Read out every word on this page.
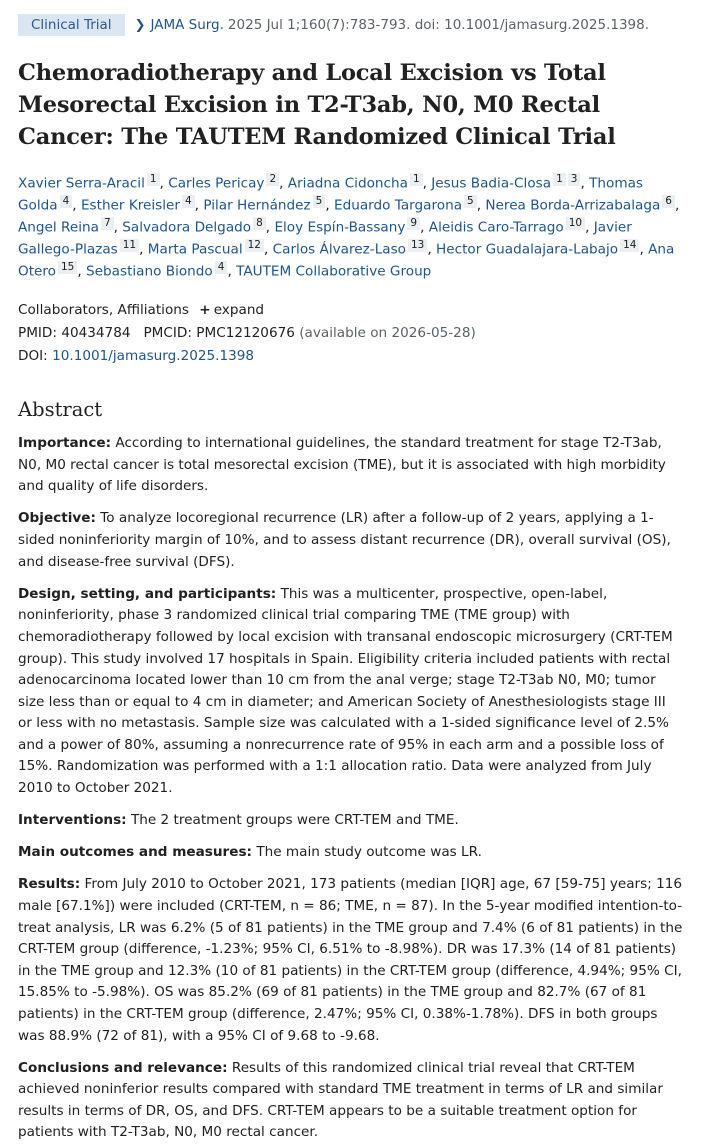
Clinical Trial	❯ JAMA Surg. 2025 Jul 1;160(7):783-793. doi: 10.1001/jamasurg.2025.1398.
Chemoradiotherapy and Local Excision vs Total Mesorectal Excision in T2-T3ab, N0, M0 Rectal Cancer: The TAUTEM Randomized Clinical Trial
Xavier Serra-Aracil 1 , Carles Pericay 2 , Ariadna Cidoncha 1 , Jesus Badia-Closa 1 3 , Thomas Golda 4 , Esther Kreisler 4 , Pilar Hernández 5 , Eduardo Targarona 5 , Nerea Borda-Arrizabalaga 6 , Angel Reina 7 , Salvadora Delgado 8 , Eloy Espín-Bassany 9 , Aleidis Caro-Tarrago 10 , Javier Gallego-Plazas 11 , Marta Pascual 12 , Carlos Álvarez-Laso 13 , Hector Guadalajara-Labajo 14 , Ana Otero 15 , Sebastiano Biondo 4 , TAUTEM Collaborative Group
Collaborators, Affiliations + expand
PMID: 40434784 PMCID: PMC12120676 (available on 2026-05-28)
DOI: 10.1001/jamasurg.2025.1398
Abstract

Importance: According to international guidelines, the standard treatment for stage T2-T3ab, N0, M0 rectal cancer is total mesorectal excision (TME), but it is associated with high morbidity and quality of life disorders.

Objective: To analyze locoregional recurrence (LR) after a follow-up of 2 years, applying a 1-sided noninferiority margin of 10%, and to assess distant recurrence (DR), overall survival (OS), and disease-free survival (DFS).

Design, setting, and participants: This was a multicenter, prospective, open-label, noninferiority, phase 3 randomized clinical trial comparing TME (TME group) with chemoradiotherapy followed by local excision with transanal endoscopic microsurgery (CRT-TEM group). This study involved 17 hospitals in Spain. Eligibility criteria included patients with rectal adenocarcinoma located lower than 10 cm from the anal verge; stage T2-T3ab N0, M0; tumor size less than or equal to 4 cm in diameter; and American Society of Anesthesiologists stage III or less with no metastasis. Sample size was calculated with a 1-sided significance level of 2.5% and a power of 80%, assuming a nonrecurrence rate of 95% in each arm and a possible loss of 15%. Randomization was performed with a 1:1 allocation ratio. Data were analyzed from July 2010 to October 2021.

Interventions: The 2 treatment groups were CRT-TEM and TME.

Main outcomes and measures: The main study outcome was LR.

Results: From July 2010 to October 2021, 173 patients (median [IQR] age, 67 [59-75] years; 116 male [67.1%]) were included (CRT-TEM, n = 86; TME, n = 87). In the 5-year modified intention-to-treat analysis, LR was 6.2% (5 of 81 patients) in the TME group and 7.4% (6 of 81 patients) in the CRT-TEM group (difference, -1.23%; 95% CI, 6.51% to -8.98%). DR was 17.3% (14 of 81 patients) in the TME group and 12.3% (10 of 81 patients) in the CRT-TEM group (difference, 4.94%; 95% CI, 15.85% to -5.98%). OS was 85.2% (69 of 81 patients) in the TME group and 82.7% (67 of 81 patients) in the CRT-TEM group (difference, 2.47%; 95% CI, 0.38%-1.78%). DFS in both groups was 88.9% (72 of 81), with a 95% CI of 9.68 to -9.68.

Conclusions and relevance: Results of this randomized clinical trial reveal that CRT-TEM achieved noninferior results compared with standard TME treatment in terms of LR and similar results in terms of DR, OS, and DFS. CRT-TEM appears to be a suitable treatment option for patients with T2-T3ab, N0, M0 rectal cancer.
